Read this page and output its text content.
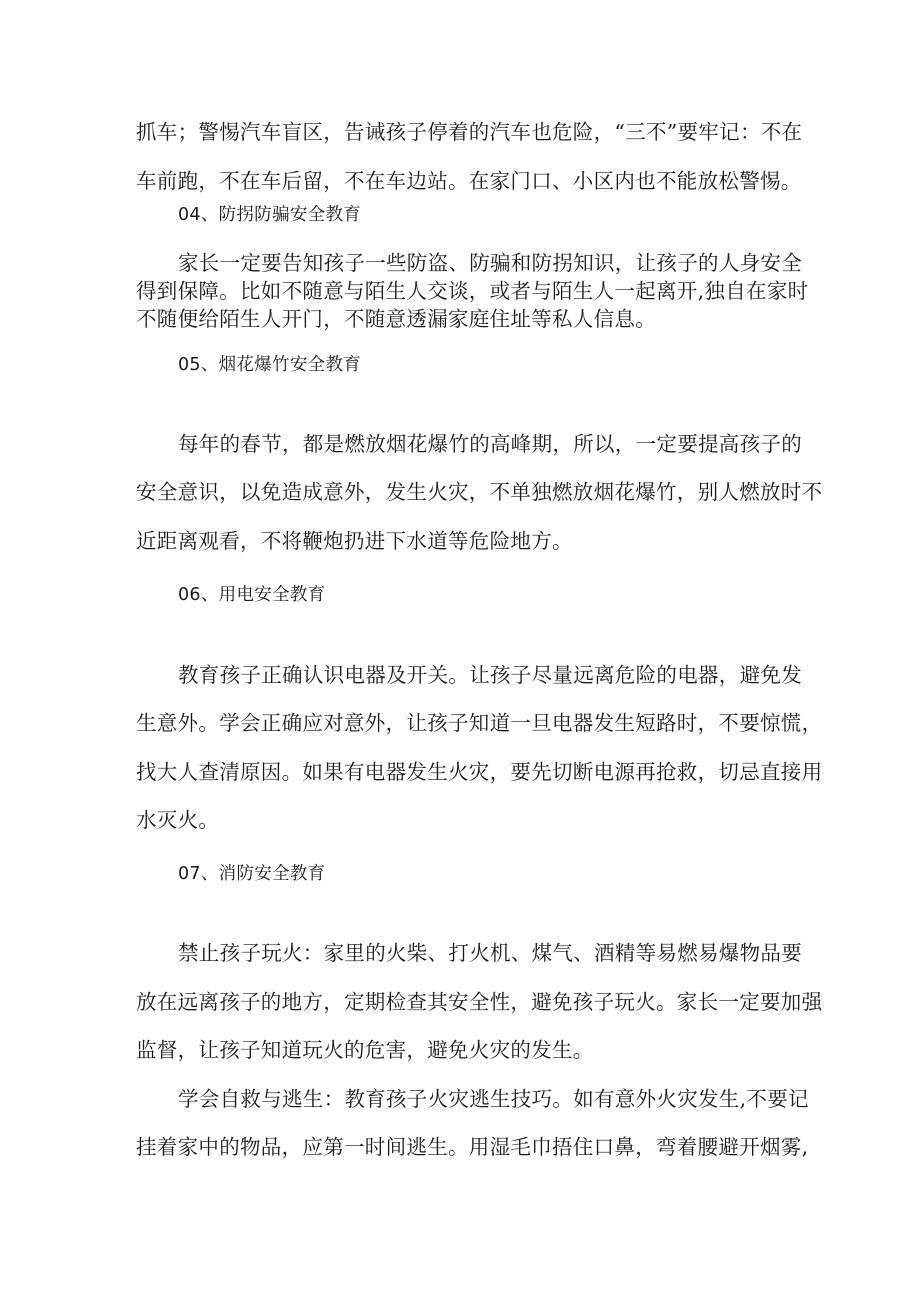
抓车；警惕汽车盲区，告诫孩子停着的汽车也危险，“三不”要牢记：不在
车前跑，不在车后留，不在车边站。在家门口、小区内也不能放松警惕。
04、防拐防骗安全教育
家长一定要告知孩子一些防盗、防骗和防拐知识，让孩子的人身安全
得到保障。比如不随意与陌生人交谈，或者与陌生人一起离开,独自在家时
不随便给陌生人开门，不随意透漏家庭住址等私人信息。
05、烟花爆竹安全教育
每年的春节，都是燃放烟花爆竹的高峰期，所以，一定要提高孩子的
安全意识，以免造成意外，发生火灾，不单独燃放烟花爆竹，别人燃放时不
近距离观看，不将鞭炮扔进下水道等危险地方。
06、用电安全教育
教育孩子正确认识电器及开关。让孩子尽量远离危险的电器，避免发
生意外。学会正确应对意外，让孩子知道一旦电器发生短路时，不要惊慌，
找大人查清原因。如果有电器发生火灾，要先切断电源再抢救，切忌直接用
水灭火。
07、消防安全教育
禁止孩子玩火：家里的火柴、打火机、煤气、酒精等易燃易爆物品要
放在远离孩子的地方，定期检查其安全性，避免孩子玩火。家长一定要加强
监督，让孩子知道玩火的危害，避免火灾的发生。
学会自救与逃生：教育孩子火灾逃生技巧。如有意外火灾发生,不要记
挂着家中的物品，应第一时间逃生。用湿毛巾捂住口鼻，弯着腰避开烟雾,
